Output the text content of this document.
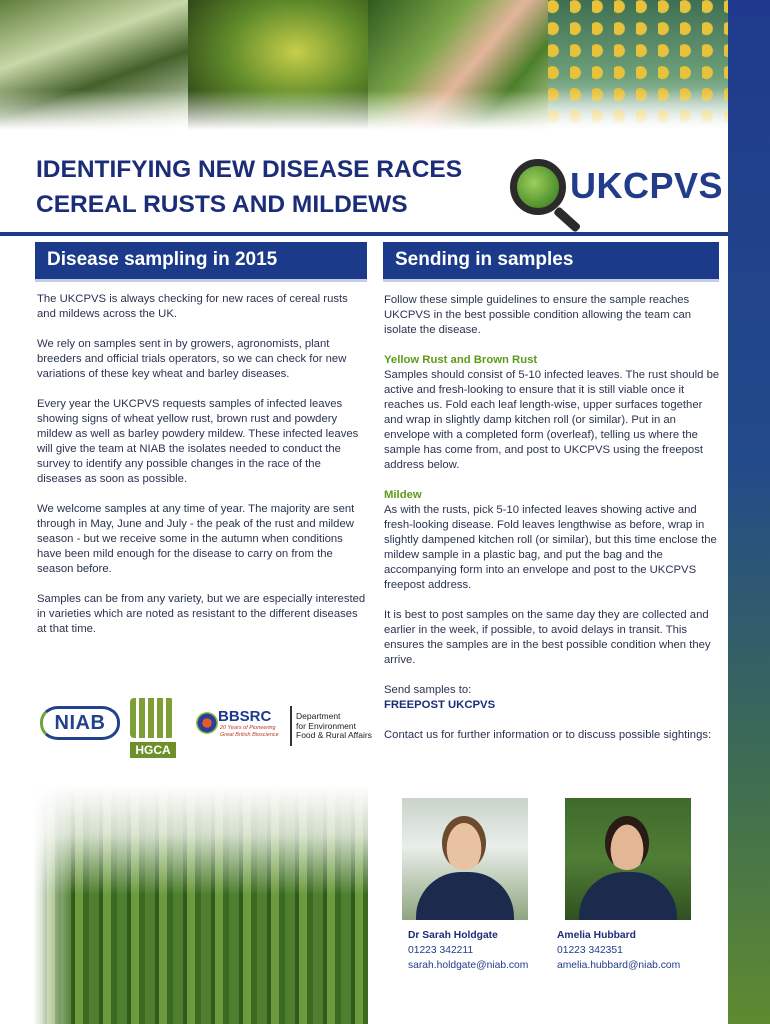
IDENTIFYING NEW DISEASE RACES
CEREAL RUSTS AND MILDEWS	UKCPVS
Disease sampling in 2015	Sending in samples

The UKCPVS is always checking for new races of cereal rusts and mildews across the UK.

We rely on samples sent in by growers, agronomists, plant breeders and official trials operators, so we can check for new variations of these key wheat and barley diseases.

Every year the UKCPVS requests samples of infected leaves showing signs of wheat yellow rust, brown rust and powdery mildew as well as barley powdery mildew. These infected leaves will give the team at NIAB the isolates needed to conduct the survey to identify any possible changes in the race of the diseases as soon as possible.

We welcome samples at any time of year. The majority are sent through in May, June and July - the peak of the rust and mildew season - but we receive some in the autumn when conditions have been mild enough for the disease to carry on from the season before.

Samples can be from any variety, but we are especially interested in varieties which are noted as resistant to the different diseases at that time.

Follow these simple guidelines to ensure the sample reaches UKCPVS in the best possible condition allowing the team can isolate the disease.

Yellow Rust and Brown Rust

Samples should consist of 5-10 infected leaves. The rust should be active and fresh-looking to ensure that it is still viable once it reaches us. Fold each leaf length-wise, upper surfaces together and wrap in slightly damp kitchen roll (or similar). Put in an envelope with a completed form (overleaf), telling us where the sample has come from, and post to UKCPVS using the freepost address below.

Mildew

As with the rusts, pick 5-10 infected leaves showing active and fresh-looking disease. Fold leaves lengthwise as before, wrap in slightly dampened kitchen roll (or similar), but this time enclose the mildew sample in a plastic bag, and put the bag and the accompanying form into an envelope and post to the UKCPVS freepost address.

It is best to post samples on the same day they are collected and earlier in the week, if possible, to avoid delays in transit. This ensures the samples are in the best possible condition when they arrive.

Send samples to:

FREEPOST UKCPVS

Contact us for further information or to discuss possible sightings:

NIAB
HGCA
BBSRC
20 Years of Pioneering Great British Bioscience
Department
for Environment
Food & Rural Affairs
Dr Sarah Holdgate
01223 342211
sarah.holdgate@niab.com
Amelia Hubbard
01223 342351
amelia.hubbard@niab.com
